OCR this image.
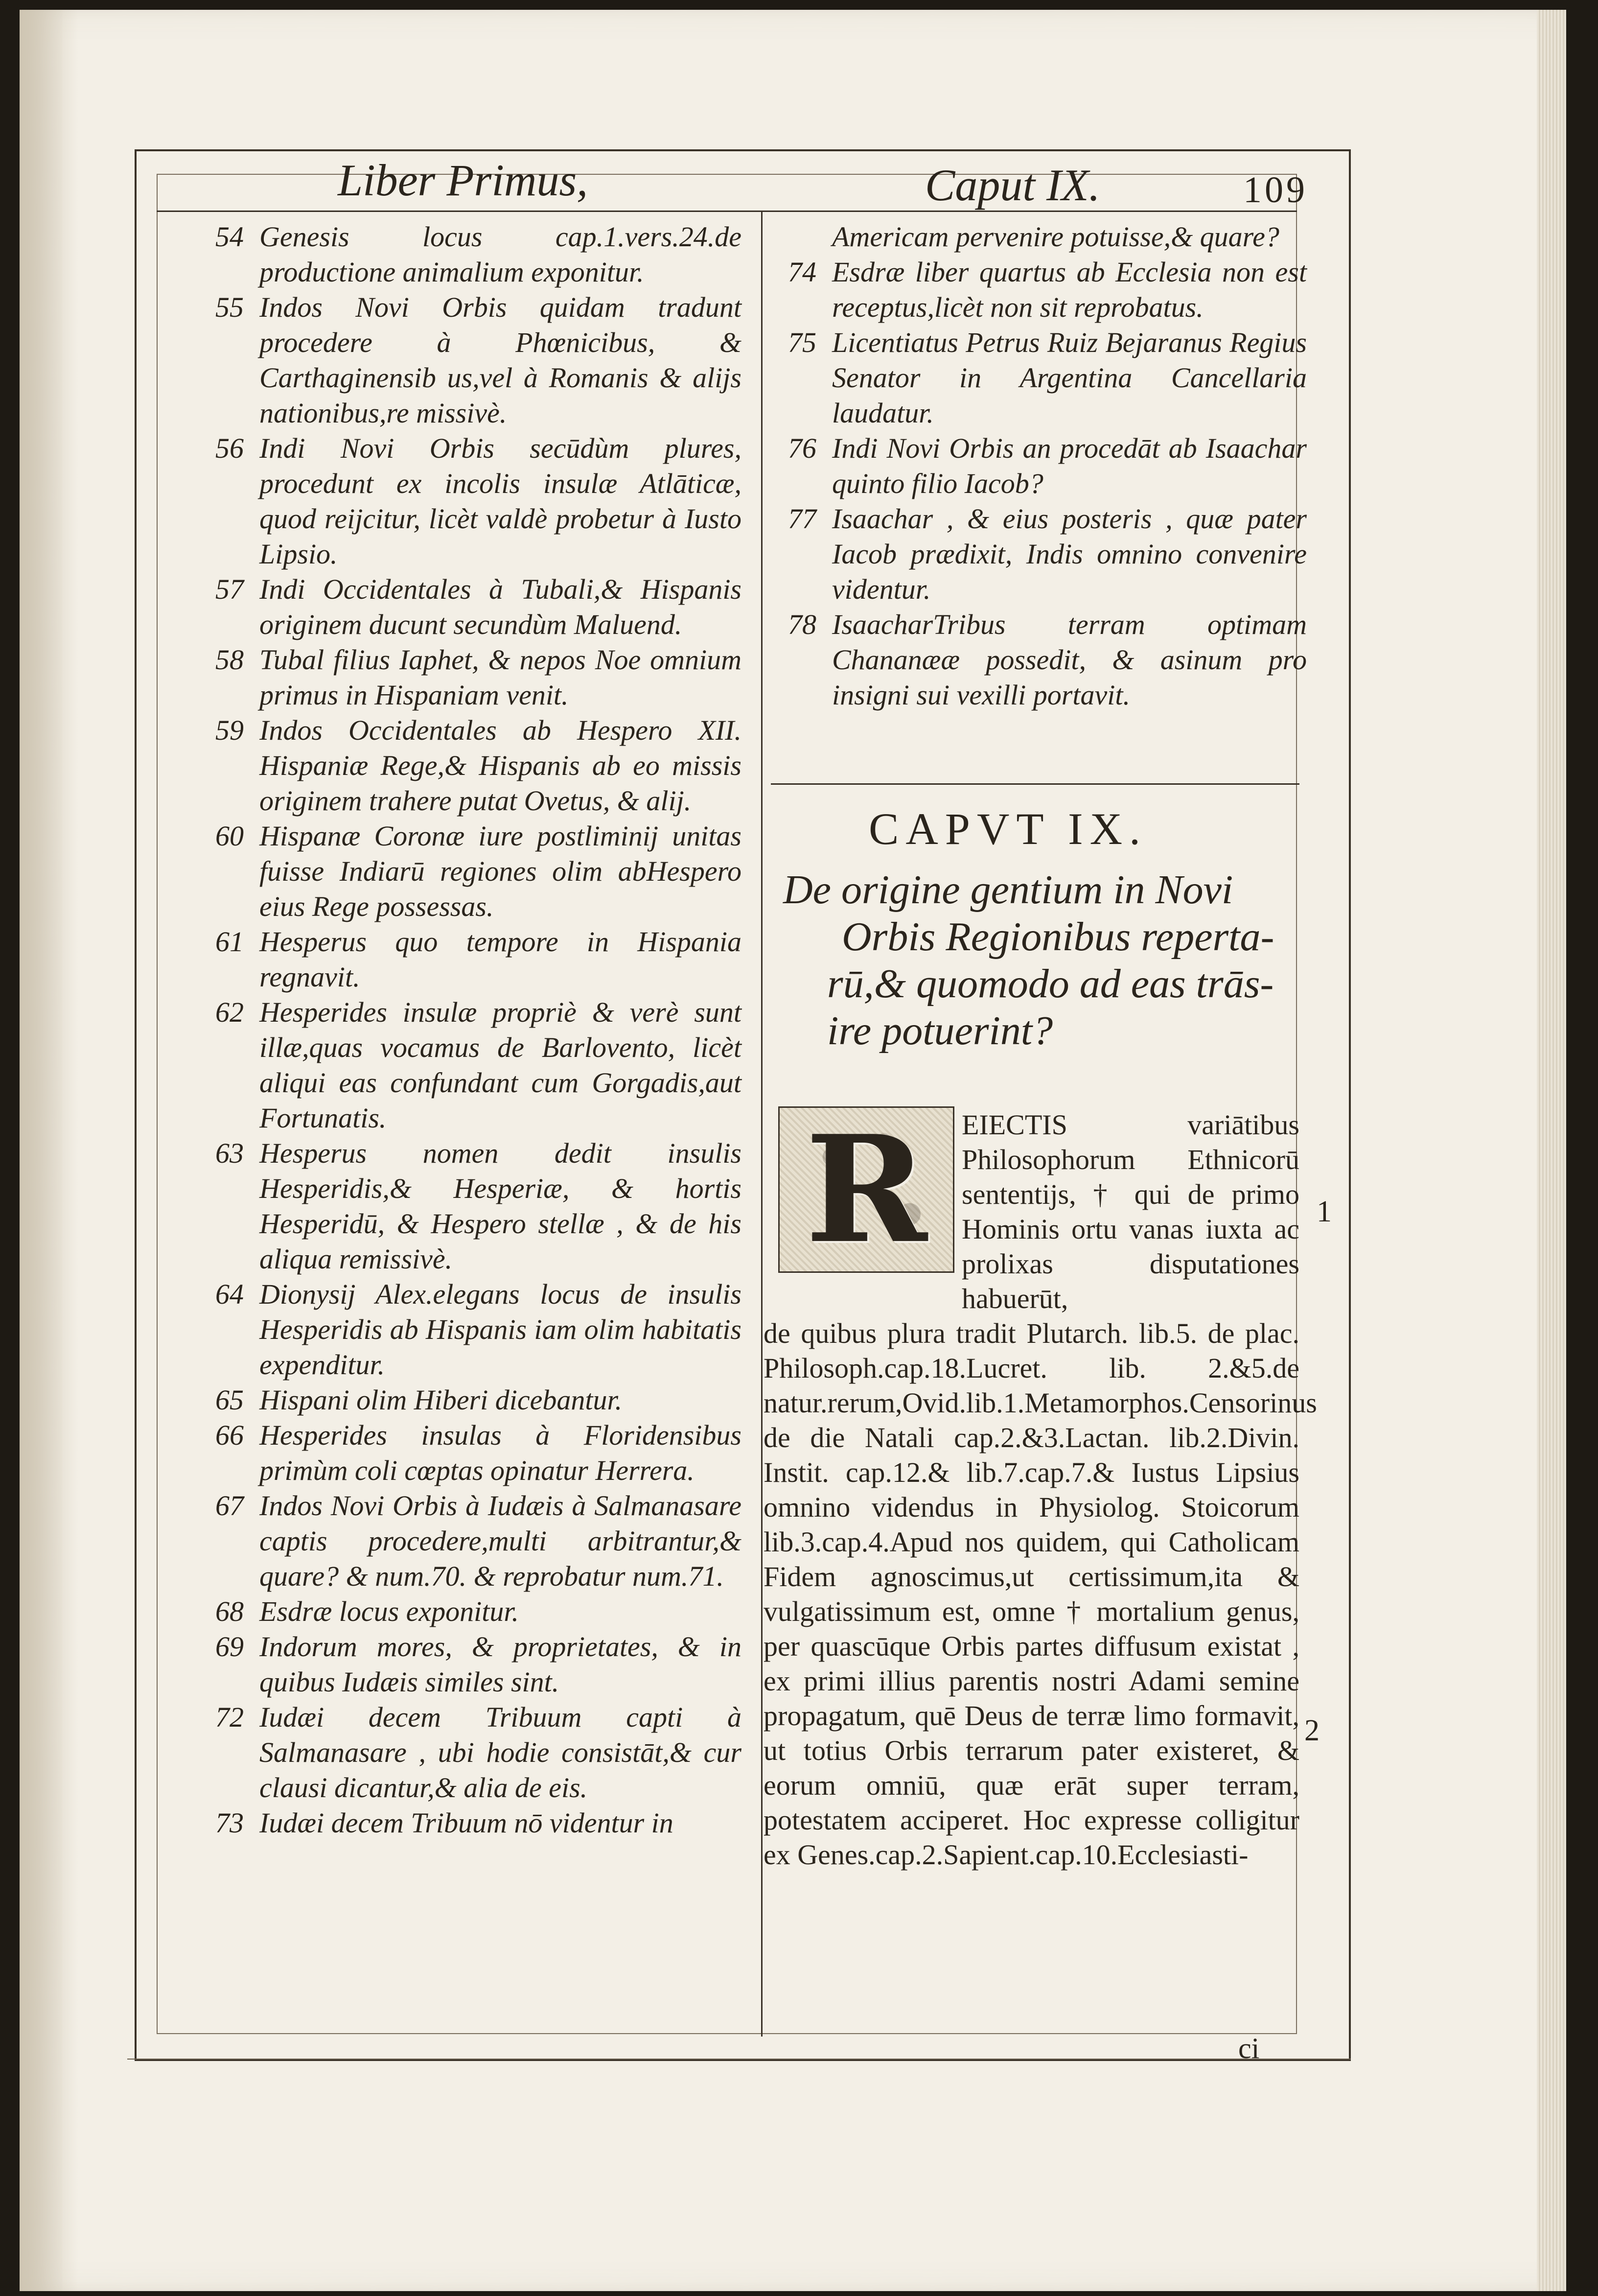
Liber Primus,	Caput IX.	109
54 Genesis locus cap.1.vers.24.de productione animalium exponitur.
55 Indos Novi Orbis quidam tradunt procedere à Phœnicibus, & Carthaginensib us,vel à Romanis & alijs nationibus,re missivè.
56 Indi Novi Orbis secūdùm plures, procedunt ex incolis insulæ Atlāticæ, quod reijcitur, licèt valdè probetur à Iusto Lipsio.
57 Indi Occidentales à Tubali,& Hispanis originem ducunt secundùm Maluend.
58 Tubal filius Iaphet, & nepos Noe omnium primus in Hispaniam venit.
59 Indos Occidentales ab Hespero XII. Hispaniæ Rege,& Hispanis ab eo missis originem trahere putat Ovetus, & alij.
60 Hispanæ Coronæ iure postliminij unitas fuisse Indiarū regiones olim abHespero eius Rege possessas.
61 Hesperus quo tempore in Hispania regnavit.
62 Hesperides insulæ propriè & verè sunt illæ,quas vocamus de Barlovento, licèt aliqui eas confundant cum Gorgadis,aut Fortunatis.
63 Hesperus nomen dedit insulis Hesperidis,& Hesperiæ, & hortis Hesperidū, & Hespero stellæ , & de his aliqua remissivè.
64 Dionysij Alex.elegans locus de insulis Hesperidis ab Hispanis iam olim habitatis expenditur.
65 Hispani olim Hiberi dicebantur.
66 Hesperides insulas à Floridensibus primùm coli cœptas opinatur Herrera.
67 Indos Novi Orbis à Iudæis à Salmanasare captis procedere,multi arbitrantur,& quare? & num.70. & reprobatur num.71.
68 Esdræ locus exponitur.
69 Indorum mores, & proprietates, & in quibus Iudæis similes sint.
72 Iudæi decem Tribuum capti à Salmanasare , ubi hodie consistāt,& cur clausi dicantur,& alia de eis.
73 Iudæi decem Tribuum nō videntur in
Americam pervenire potuisse,& quare?
74 Esdræ liber quartus ab Ecclesia non est receptus,licèt non sit reprobatus.
75 Licentiatus Petrus Ruiz Bejaranus Regius Senator in Argentina Cancellaria laudatur.
76 Indi Novi Orbis an procedāt ab Isaachar quinto filio Iacob?
77 Isaachar , & eius posteris , quæ pater Iacob prædixit, Indis omnino convenire videntur.
78 IsaacharTribus terram optimam Chananææ possedit, & asinum pro insigni sui vexilli portavit.
CAPVT IX.
De origine gentium in Novi
Orbis Regionibus reperta-
rū,& quomodo ad eas trās-
ire potuerint?
R EIECTIS variātibus Philosophorum Ethnicorū sententijs, † qui de primo Hominis ortu vanas iuxta ac prolixas disputationes habuerūt,
de quibus plura tradit Plutarch. lib.5. de plac. Philosoph.cap.18.Lucret. lib. 2.&5.de natur.rerum,Ovid.lib.1.Metamorphos.Censorinus de die Natali cap.2.&3.Lactan. lib.2.Divin. Instit. cap.12.& lib.7.cap.7.& Iustus Lipsius omnino videndus in Physiolog. Stoicorum lib.3.cap.4.Apud nos quidem, qui Catholicam Fidem agnoscimus,ut certissimum,ita & vulgatissimum est, omne † mortalium genus, per quascūque Orbis partes diffusum existat , ex primi illius parentis nostri Adami semine propagatum, quē Deus de terræ limo formavit, ut totius Orbis terrarum pater existeret, & eorum omniū, quæ erāt super terram, potestatem acciperet. Hoc expresse colligitur ex Genes.cap.2.Sapient.cap.10.Ecclesiasti-
ci
1
2
